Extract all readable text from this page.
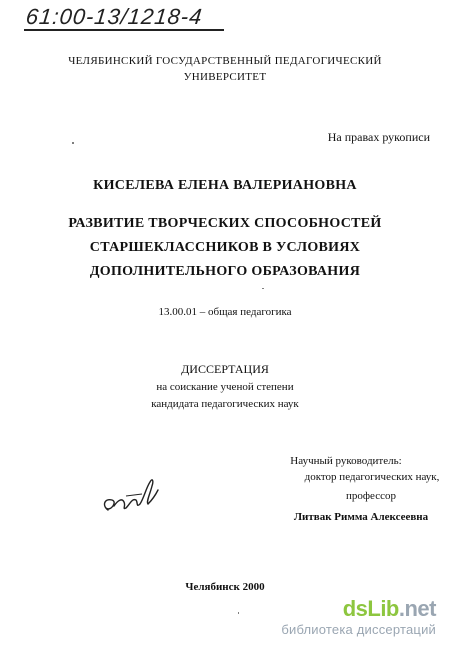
61:00-13/1218-4
ЧЕЛЯБИНСКИЙ ГОСУДАРСТВЕННЫЙ ПЕДАГОГИЧЕСКИЙ
УНИВЕРСИТЕТ
На правах рукописи
КИСЕЛЕВА ЕЛЕНА ВАЛЕРИАНОВНА
РАЗВИТИЕ ТВОРЧЕСКИХ СПОСОБНОСТЕЙ
СТАРШЕКЛАССНИКОВ В УСЛОВИЯХ
ДОПОЛНИТЕЛЬНОГО ОБРАЗОВАНИЯ
13.00.01 – общая педагогика
ДИССЕРТАЦИЯ
на соискание ученой степени
кандидата педагогических наук
Научный руководитель:
доктор педагогических наук,
профессор
Литвак Римма Алексеевна
Челябинск 2000
dsLib.net
библиотека диссертаций
